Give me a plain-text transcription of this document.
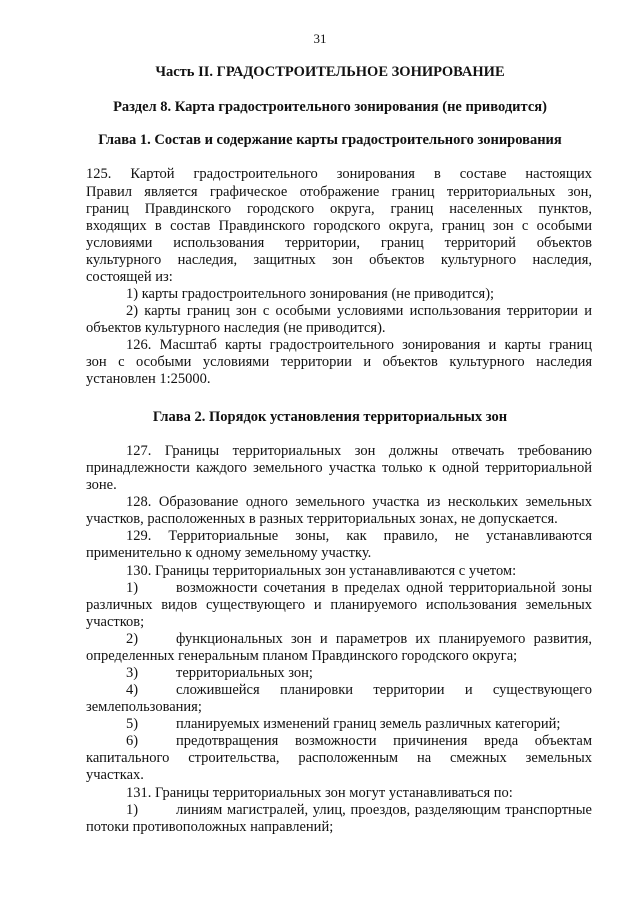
31
Часть II. ГРАДОСТРОИТЕЛЬНОЕ ЗОНИРОВАНИЕ
Раздел 8. Карта градостроительного зонирования (не приводится)
Глава 1. Состав и содержание карты градостроительного зонирования
125. Картой градостроительного зонирования в составе настоящих
Правил является графическое отображение границ территориальных зон,
границ Правдинского городского округа, границ населенных пунктов,
входящих в состав Правдинского городского округа, границ зон с особыми
условиями использования территории, границ территорий объектов
культурного наследия, защитных зон объектов культурного наследия,
состоящей из:
1) карты градостроительного зонирования (не приводится);
2) карты границ зон с особыми условиями использования территории и
объектов культурного наследия (не приводится).
126. Масштаб карты градостроительного зонирования и карты границ
зон с особыми условиями территории и объектов культурного наследия
установлен 1:25000.
Глава 2. Порядок установления территориальных зон
127. Границы территориальных зон должны отвечать требованию
принадлежности каждого земельного участка только к одной территориальной
зоне.
128. Образование одного земельного участка из нескольких земельных
участков, расположенных в разных территориальных зонах, не допускается.
129. Территориальные зоны, как правило, не устанавливаются
применительно к одному земельному участку.
130. Границы территориальных зон устанавливаются с учетом:
1)	возможности сочетания в пределах одной территориальной зоны
различных видов существующего и планируемого использования земельных
участков;
2)	функциональных зон и параметров их планируемого развития,
определенных генеральным планом Правдинского городского округа;
3)	территориальных зон;
4)	сложившейся планировки территории и существующего
землепользования;
5)	планируемых изменений границ земель различных категорий;
6)	предотвращения возможности причинения вреда объектам
капитального строительства, расположенным на смежных земельных
участках.
131. Границы территориальных зон могут устанавливаться по:
1)	линиям магистралей, улиц, проездов, разделяющим транспортные
потоки противоположных направлений;
